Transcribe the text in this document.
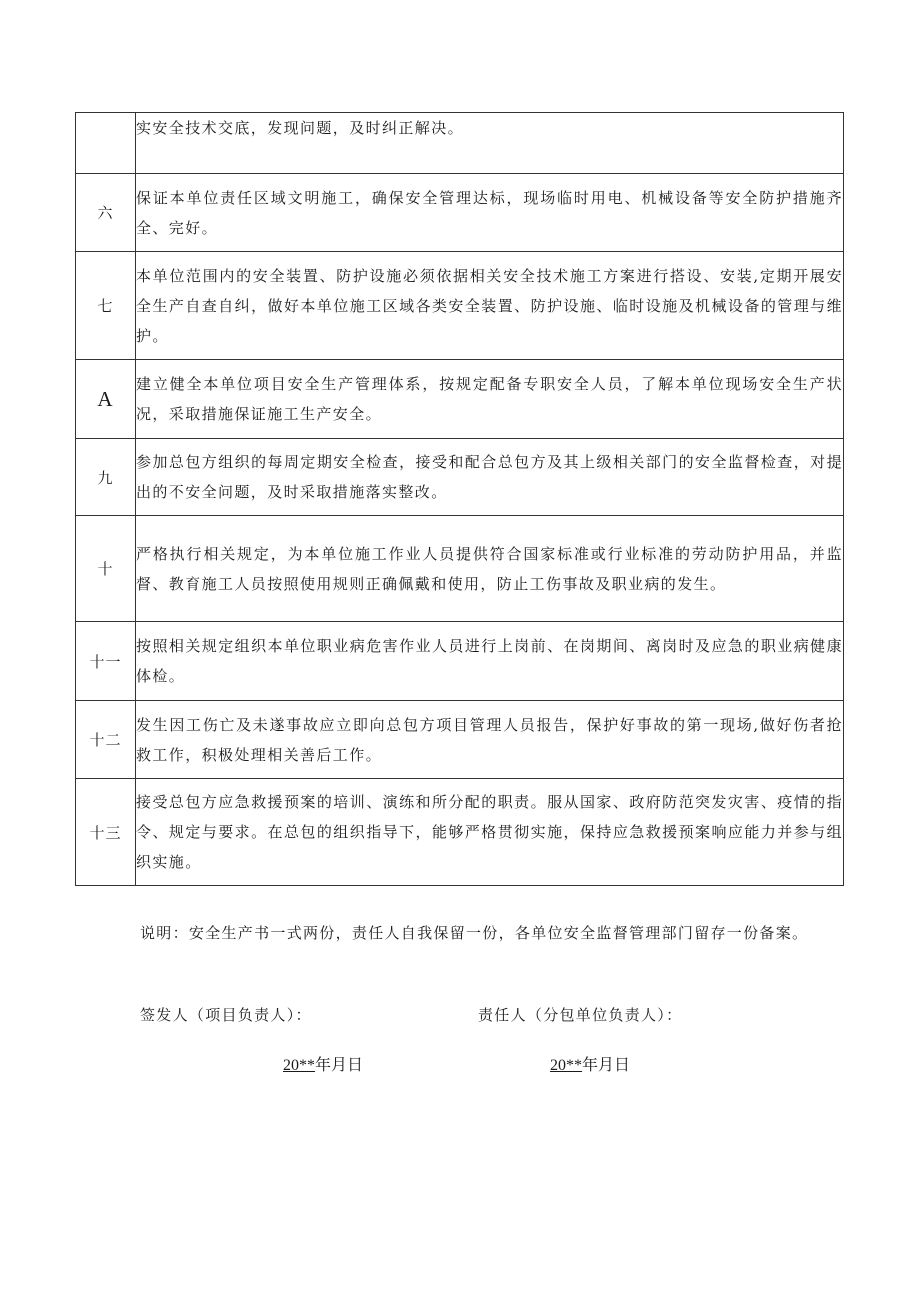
	实安全技术交底，发现问题，及时纠正解决。
六	保证本单位责任区域文明施工，确保安全管理达标，现场临时用电、机械设备等安全防护措施齐全、完好。
七	本单位范围内的安全装置、防护设施必须依据相关安全技术施工方案进行搭设、安装,定期开展安全生产自查自纠，做好本单位施工区域各类安全装置、防护设施、临时设施及机械设备的管理与维护。
A	建立健全本单位项目安全生产管理体系，按规定配备专职安全人员，了解本单位现场安全生产状况，采取措施保证施工生产安全。
九	参加总包方组织的每周定期安全检查，接受和配合总包方及其上级相关部门的安全监督检查，对提出的不安全问题，及时采取措施落实整改。
十	严格执行相关规定，为本单位施工作业人员提供符合国家标准或行业标准的劳动防护用品，并监督、教育施工人员按照使用规则正确佩戴和使用，防止工伤事故及职业病的发生。
十一	按照相关规定组织本单位职业病危害作业人员进行上岗前、在岗期间、离岗时及应急的职业病健康体检。
十二	发生因工伤亡及未遂事故应立即向总包方项目管理人员报告，保护好事故的第一现场,做好伤者抢救工作，积极处理相关善后工作。
十三	接受总包方应急救援预案的培训、演练和所分配的职责。服从国家、政府防范突发灾害、疫情的指令、规定与要求。在总包的组织指导下，能够严格贯彻实施，保持应急救援预案响应能力并参与组织实施。
说明：安全生产书一式两份，责任人自我保留一份，各单位安全监督管理部门留存一份备案。
签发人（项目负责人）：	责任人（分包单位负责人）：
20**年月日	20**年月日
